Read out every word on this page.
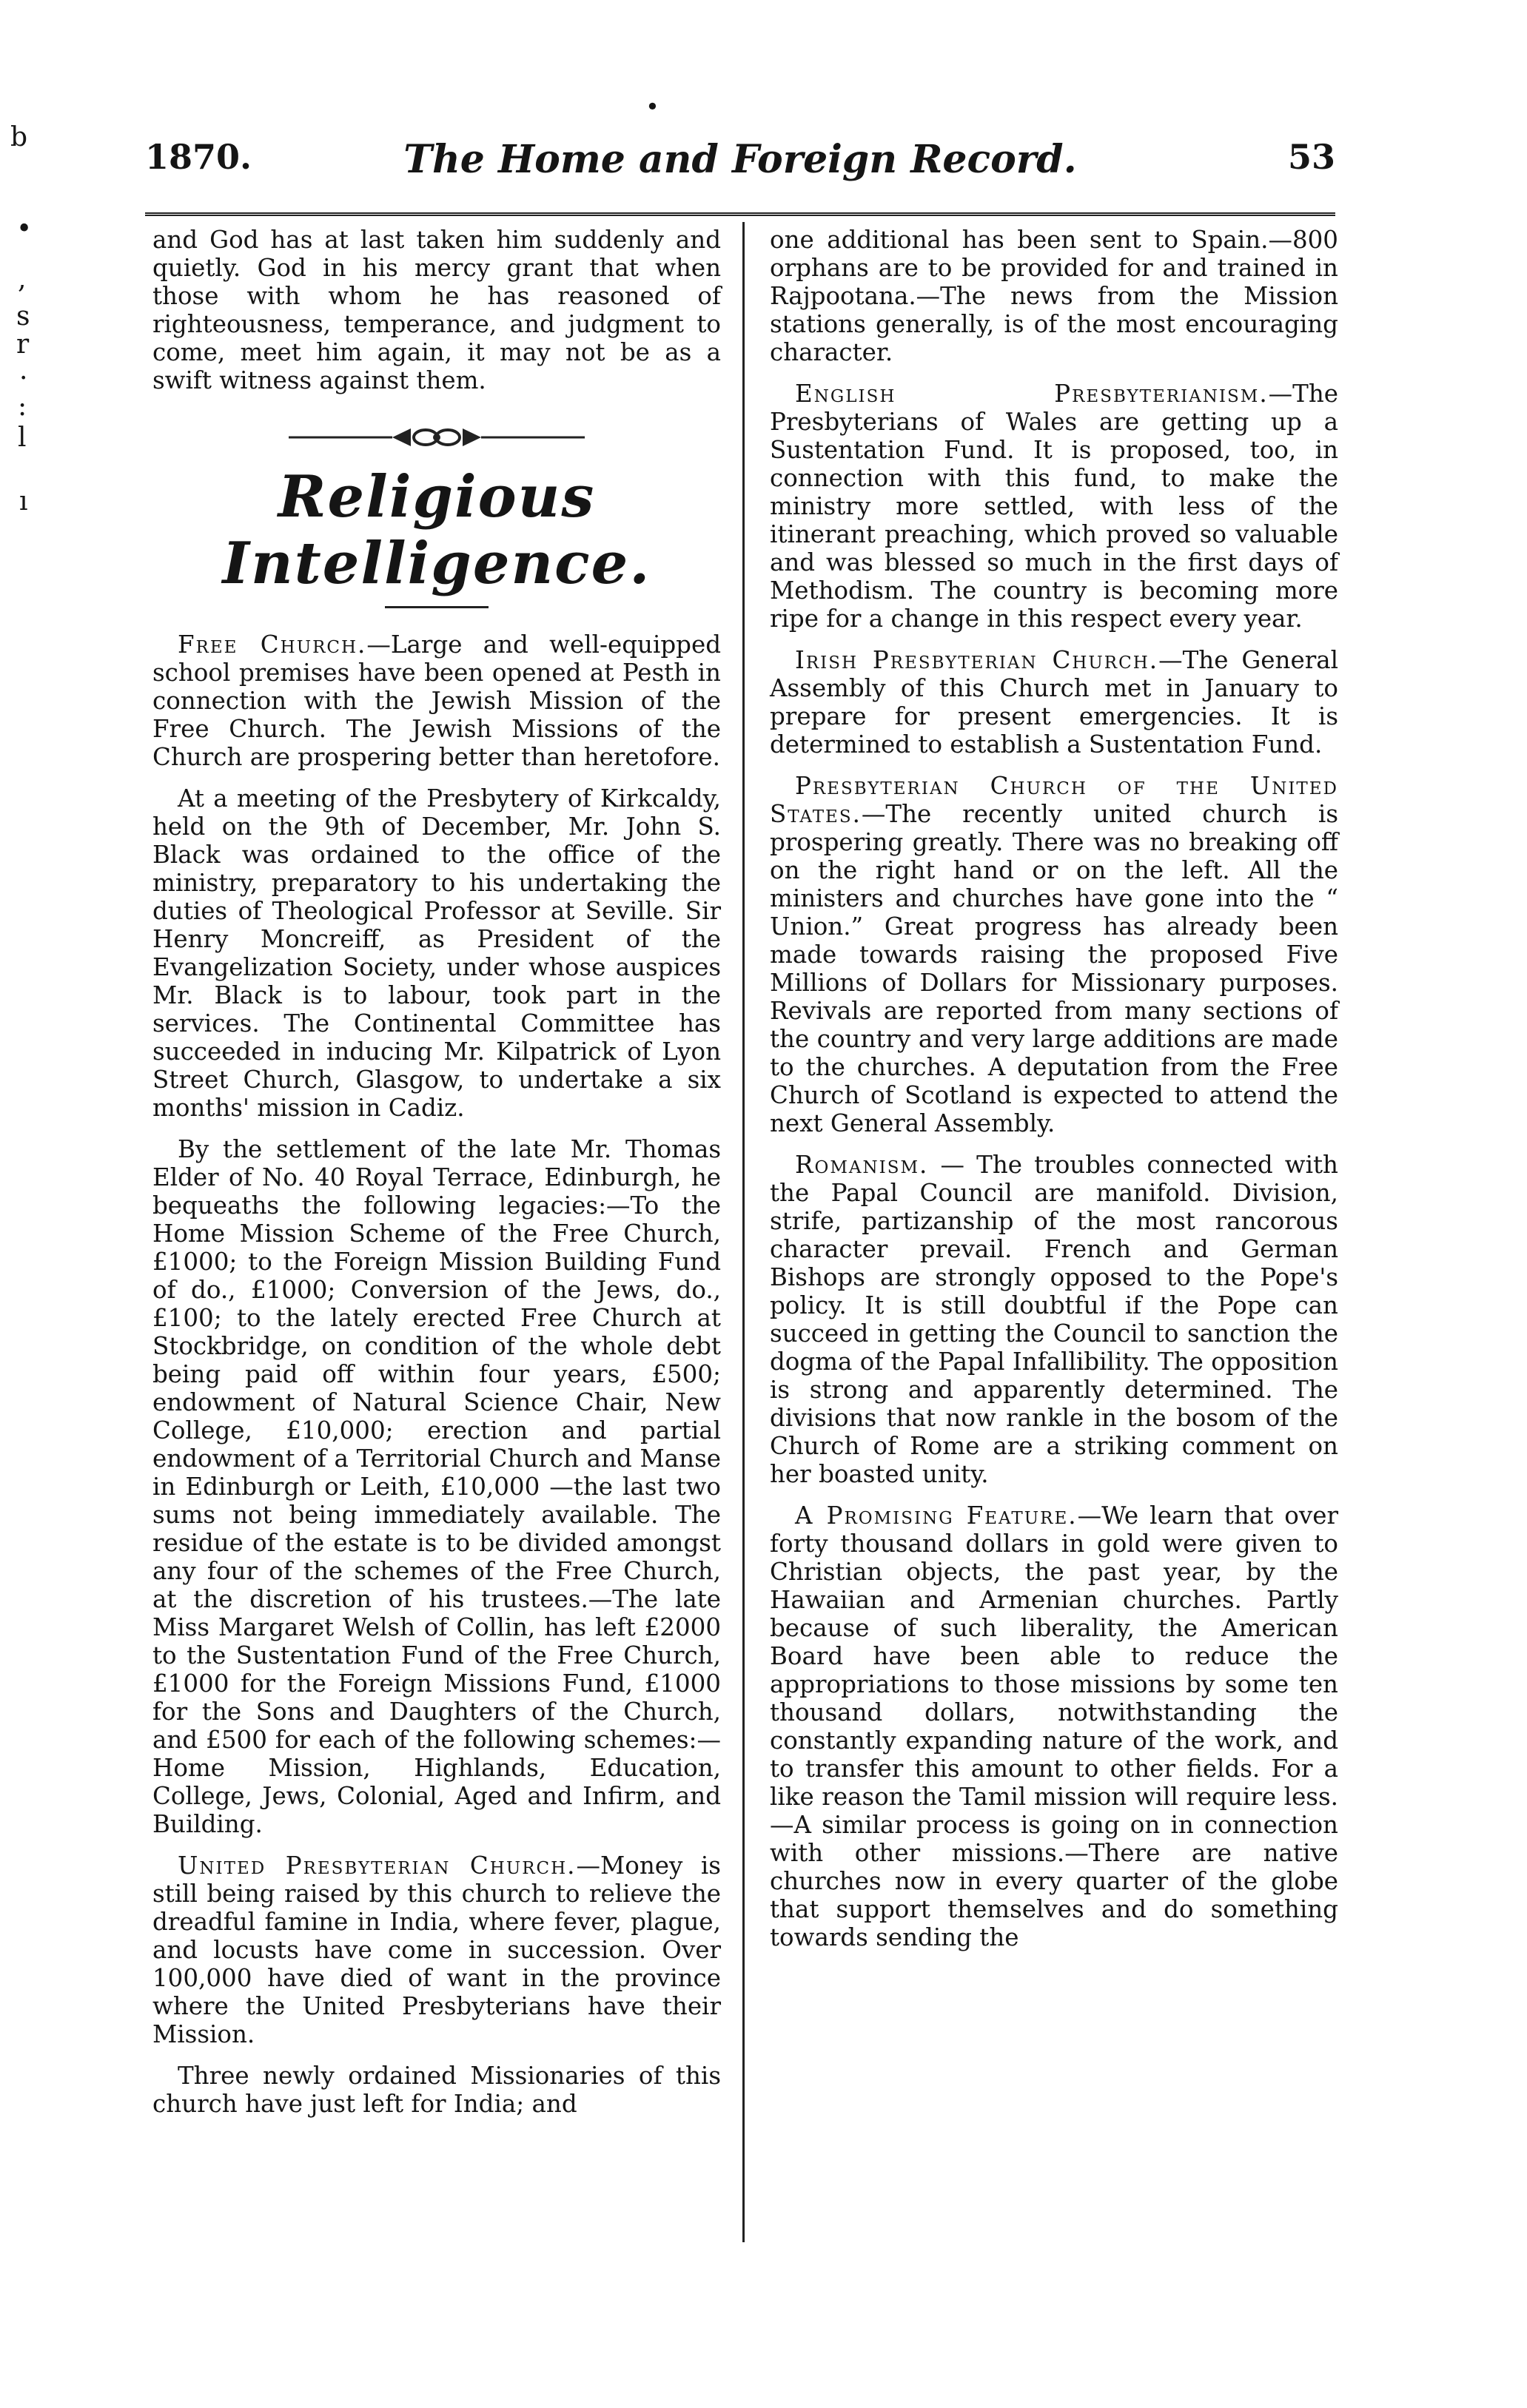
b
•
,
s
r
·
:
l
ı
•
1870.	The Home and Foreign Record.	53

and God has at last taken him suddenly and quietly. God in his mercy grant that when those with whom he has reasoned of righteousness, temperance, and judgment to come, meet him again, it may not be as a swift witness against them.

Religious Intelligence.

Free Church.—Large and well-equipped school premises have been opened at Pesth in connection with the Jewish Mission of the Free Church. The Jewish Missions of the Church are prospering better than heretofore.

At a meeting of the Presbytery of Kirkcaldy, held on the 9th of December, Mr. John S. Black was ordained to the office of the ministry, preparatory to his undertaking the duties of Theological Professor at Seville. Sir Henry Moncreiff, as President of the Evangelization Society, under whose auspices Mr. Black is to labour, took part in the services. The Continental Committee has succeeded in inducing Mr. Kilpatrick of Lyon Street Church, Glasgow, to undertake a six months' mission in Cadiz.

By the settlement of the late Mr. Thomas Elder of No. 40 Royal Terrace, Edinburgh, he bequeaths the following legacies:—To the Home Mission Scheme of the Free Church, £1000; to the Foreign Mission Building Fund of do., £1000; Conversion of the Jews, do., £100; to the lately erected Free Church at Stockbridge, on condition of the whole debt being paid off within four years, £500; endowment of Natural Science Chair, New College, £10,000; erection and partial endowment of a Territorial Church and Manse in Edinburgh or Leith, £10,000 —the last two sums not being immediately available. The residue of the estate is to be divided amongst any four of the schemes of the Free Church, at the discretion of his trustees.—The late Miss Margaret Welsh of Collin, has left £2000 to the Sustentation Fund of the Free Church, £1000 for the Foreign Missions Fund, £1000 for the Sons and Daughters of the Church, and £500 for each of the following schemes:—Home Mission, Highlands, Education, College, Jews, Colonial, Aged and Infirm, and Building.

United Presbyterian Church.—Money is still being raised by this church to relieve the dreadful famine in India, where fever, plague, and locusts have come in succession. Over 100,000 have died of want in the province where the United Presbyterians have their Mission.

Three newly ordained Missionaries of this church have just left for India; and

one additional has been sent to Spain.—800 orphans are to be provided for and trained in Rajpootana.—The news from the Mission stations generally, is of the most encouraging character.

English Presbyterianism.—The Presbyterians of Wales are getting up a Sustentation Fund. It is proposed, too, in connection with this fund, to make the ministry more settled, with less of the itinerant preaching, which proved so valuable and was blessed so much in the first days of Methodism. The country is becoming more ripe for a change in this respect every year.

Irish Presbyterian Church.—The General Assembly of this Church met in January to prepare for present emergencies. It is determined to establish a Sustentation Fund.

Presbyterian Church of the United States.—The recently united church is prospering greatly. There was no breaking off on the right hand or on the left. All the ministers and churches have gone into the “ Union.” Great progress has already been made towards raising the proposed Five Millions of Dollars for Missionary purposes. Revivals are reported from many sections of the country and very large additions are made to the churches. A deputation from the Free Church of Scotland is expected to attend the next General Assembly.

Romanism. — The troubles connected with the Papal Council are manifold. Division, strife, partizanship of the most rancorous character prevail. French and German Bishops are strongly opposed to the Pope's policy. It is still doubtful if the Pope can succeed in getting the Council to sanction the dogma of the Papal Infallibility. The opposition is strong and apparently determined. The divisions that now rankle in the bosom of the Church of Rome are a striking comment on her boasted unity.

A Promising Feature.—We learn that over forty thousand dollars in gold were given to Christian objects, the past year, by the Hawaiian and Armenian churches. Partly because of such liberality, the American Board have been able to reduce the appropriations to those missions by some ten thousand dollars, notwithstanding the constantly expanding nature of the work, and to transfer this amount to other fields. For a like reason the Tamil mission will require less.—A similar process is going on in connection with other missions.—There are native churches now in every quarter of the globe that support themselves and do something towards sending the
